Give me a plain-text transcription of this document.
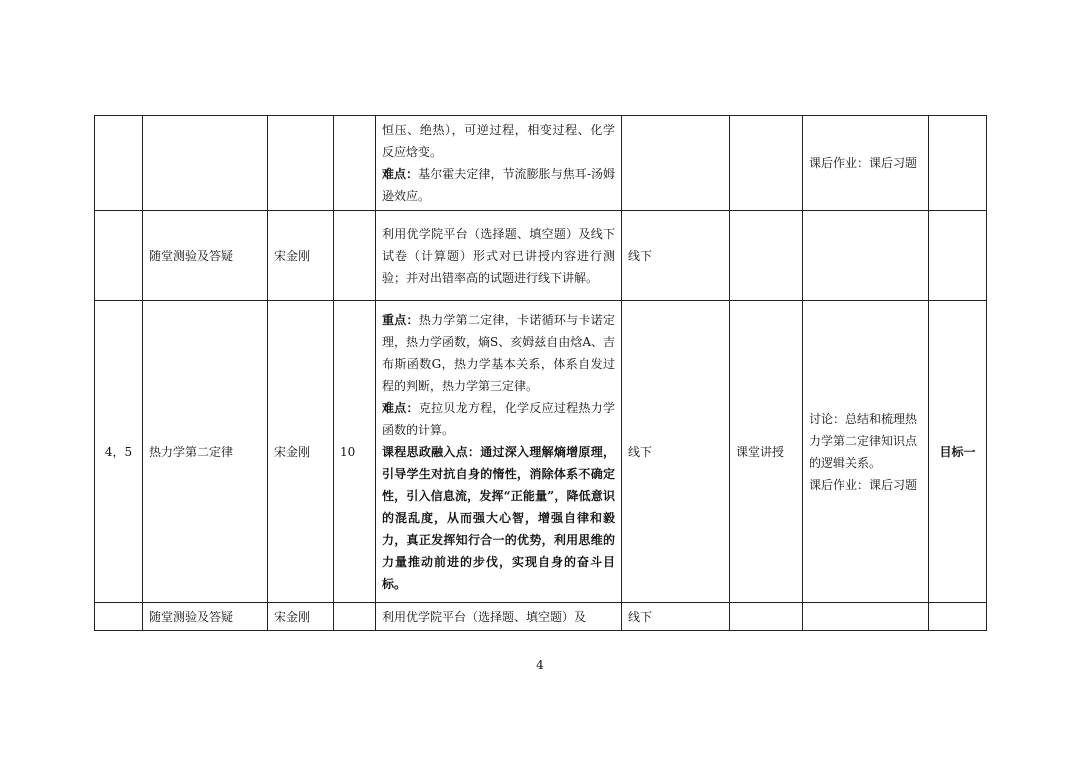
				恒压、绝热），可逆过程，相变过程、化学反应焓变。
难点：基尔霍夫定律，节流膨胀与焦耳-汤姆逊效应。			课后作业：课后习题	
	随堂测验及答疑	宋金刚		利用优学院平台（选择题、填空题）及线下试卷（计算题）形式对已讲授内容进行测验；并对出错率高的试题进行线下讲解。	线下			
4，5	热力学第二定律	宋金刚	10	重点：热力学第二定律，卡诺循环与卡诺定理，热力学函数，熵S、亥姆兹自由焓A、吉布斯函数G，热力学基本关系，体系自发过程的判断，热力学第三定律。
难点：克拉贝龙方程，化学反应过程热力学函数的计算。
课程思政融入点：通过深入理解熵增原理，引导学生对抗自身的惰性，消除体系不确定性，引入信息流，发挥“正能量”，降低意识的混乱度，从而强大心智，增强自律和毅力，真正发挥知行合一的优势，利用思维的力量推动前进的步伐，实现自身的奋斗目标。	线下	课堂讲授	讨论：总结和梳理热力学第二定律知识点的逻辑关系。
课后作业：课后习题	目标一
	随堂测验及答疑	宋金刚		利用优学院平台（选择题、填空题）及	线下			
4
